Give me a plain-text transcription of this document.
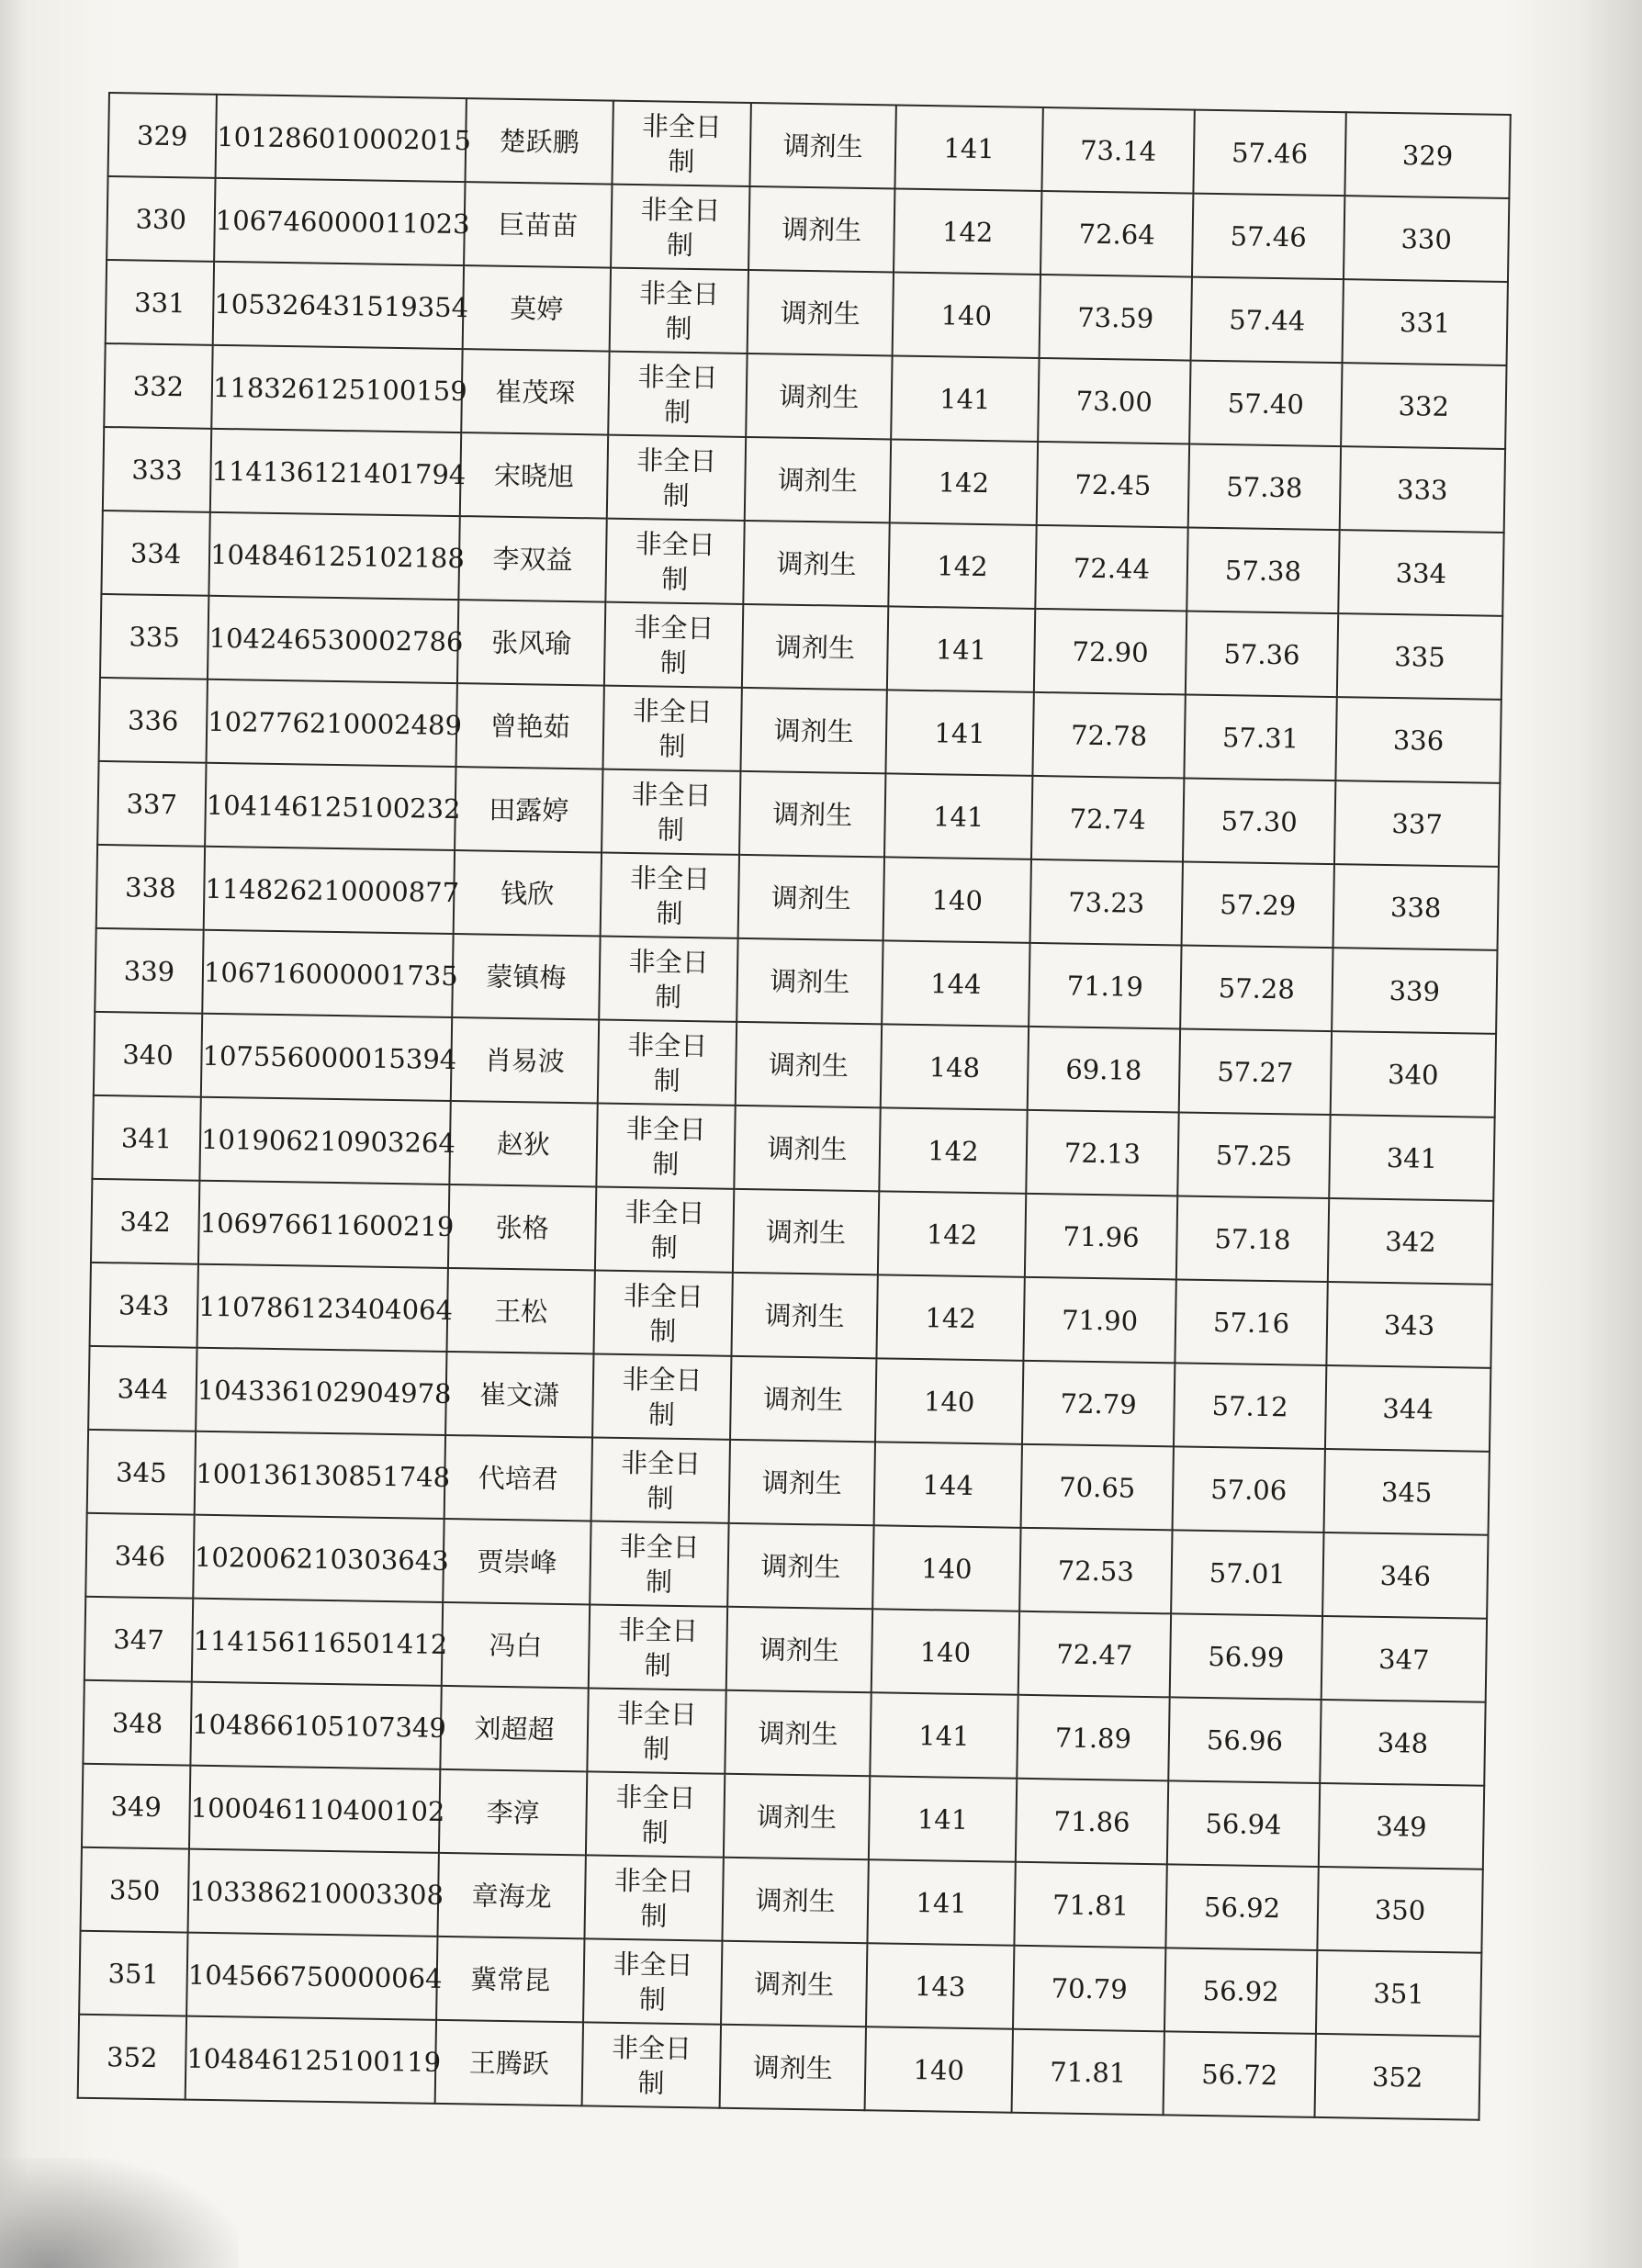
329	101286010002015	楚跃鹏	非全日
制	调剂生	141	73.14	57.46	329
330	106746000011023	巨苗苗	非全日
制	调剂生	142	72.64	57.46	330
331	105326431519354	莫婷	非全日
制	调剂生	140	73.59	57.44	331
332	118326125100159	崔茂琛	非全日
制	调剂生	141	73.00	57.40	332
333	114136121401794	宋晓旭	非全日
制	调剂生	142	72.45	57.38	333
334	104846125102188	李双益	非全日
制	调剂生	142	72.44	57.38	334
335	104246530002786	张风瑜	非全日
制	调剂生	141	72.90	57.36	335
336	102776210002489	曾艳茹	非全日
制	调剂生	141	72.78	57.31	336
337	104146125100232	田露婷	非全日
制	调剂生	141	72.74	57.30	337
338	114826210000877	钱欣	非全日
制	调剂生	140	73.23	57.29	338
339	106716000001735	蒙镇梅	非全日
制	调剂生	144	71.19	57.28	339
340	107556000015394	肖易波	非全日
制	调剂生	148	69.18	57.27	340
341	101906210903264	赵狄	非全日
制	调剂生	142	72.13	57.25	341
342	106976611600219	张格	非全日
制	调剂生	142	71.96	57.18	342
343	110786123404064	王松	非全日
制	调剂生	142	71.90	57.16	343
344	104336102904978	崔文潇	非全日
制	调剂生	140	72.79	57.12	344
345	100136130851748	代培君	非全日
制	调剂生	144	70.65	57.06	345
346	102006210303643	贾崇峰	非全日
制	调剂生	140	72.53	57.01	346
347	114156116501412	冯白	非全日
制	调剂生	140	72.47	56.99	347
348	104866105107349	刘超超	非全日
制	调剂生	141	71.89	56.96	348
349	100046110400102	李淳	非全日
制	调剂生	141	71.86	56.94	349
350	103386210003308	章海龙	非全日
制	调剂生	141	71.81	56.92	350
351	104566750000064	冀常昆	非全日
制	调剂生	143	70.79	56.92	351
352	104846125100119	王腾跃	非全日
制	调剂生	140	71.81	56.72	352
